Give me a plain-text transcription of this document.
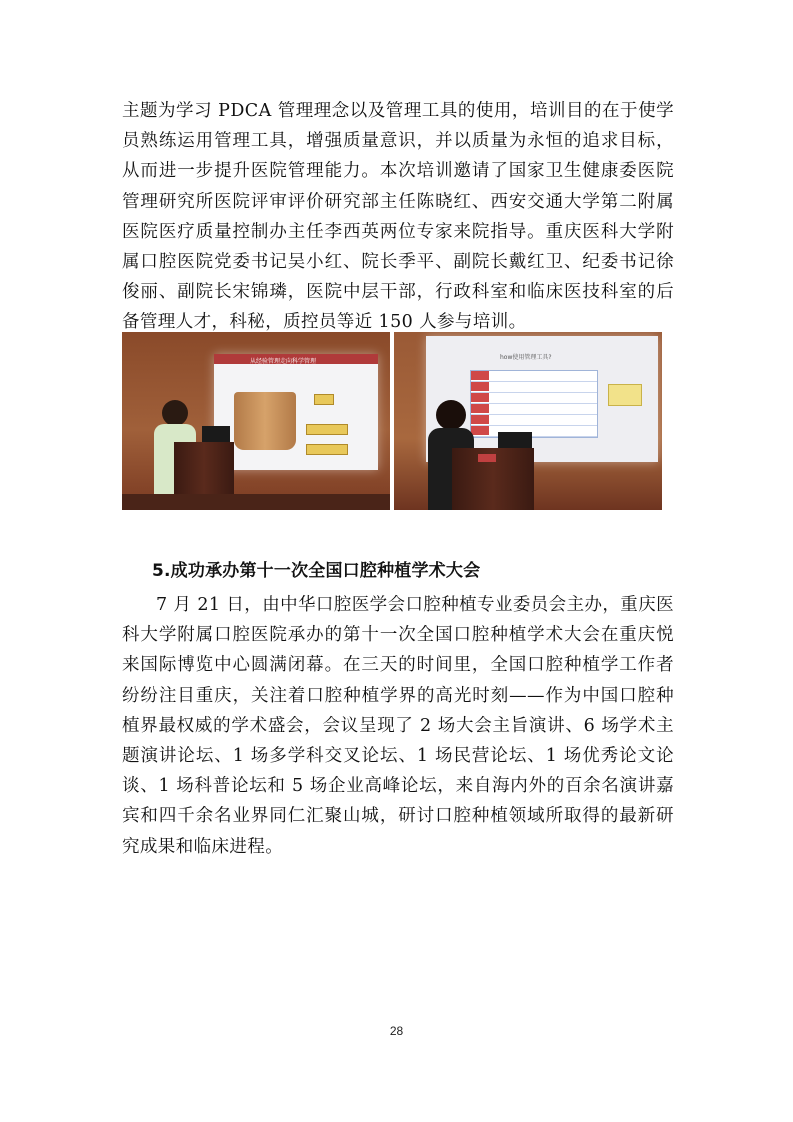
主题为学习 PDCA 管理理念以及管理工具的使用，培训目的在于使学员熟练运用管理工具，增强质量意识，并以质量为永恒的追求目标，从而进一步提升医院管理能力。本次培训邀请了国家卫生健康委医院管理研究所医院评审评价研究部主任陈晓红、西安交通大学第二附属医院医疗质量控制办主任李西英两位专家来院指导。重庆医科大学附属口腔医院党委书记吴小红、院长季平、副院长戴红卫、纪委书记徐俊丽、副院长宋锦璘，医院中层干部，行政科室和临床医技科室的后备管理人才，科秘，质控员等近 150 人参与培训。

从经验管理走向科学管理
how使用管理工具?
5.成功承办第十一次全国口腔种植学术大会

7 月 21 日，由中华口腔医学会口腔种植专业委员会主办，重庆医科大学附属口腔医院承办的第十一次全国口腔种植学术大会在重庆悦来国际博览中心圆满闭幕。在三天的时间里，全国口腔种植学工作者纷纷注目重庆，关注着口腔种植学界的高光时刻——作为中国口腔种植界最权威的学术盛会，会议呈现了 2 场大会主旨演讲、6 场学术主题演讲论坛、1 场多学科交叉论坛、1 场民营论坛、1 场优秀论文论谈、1 场科普论坛和 5 场企业高峰论坛，来自海内外的百余名演讲嘉宾和四千余名业界同仁汇聚山城，研讨口腔种植领域所取得的最新研究成果和临床进程。

28
